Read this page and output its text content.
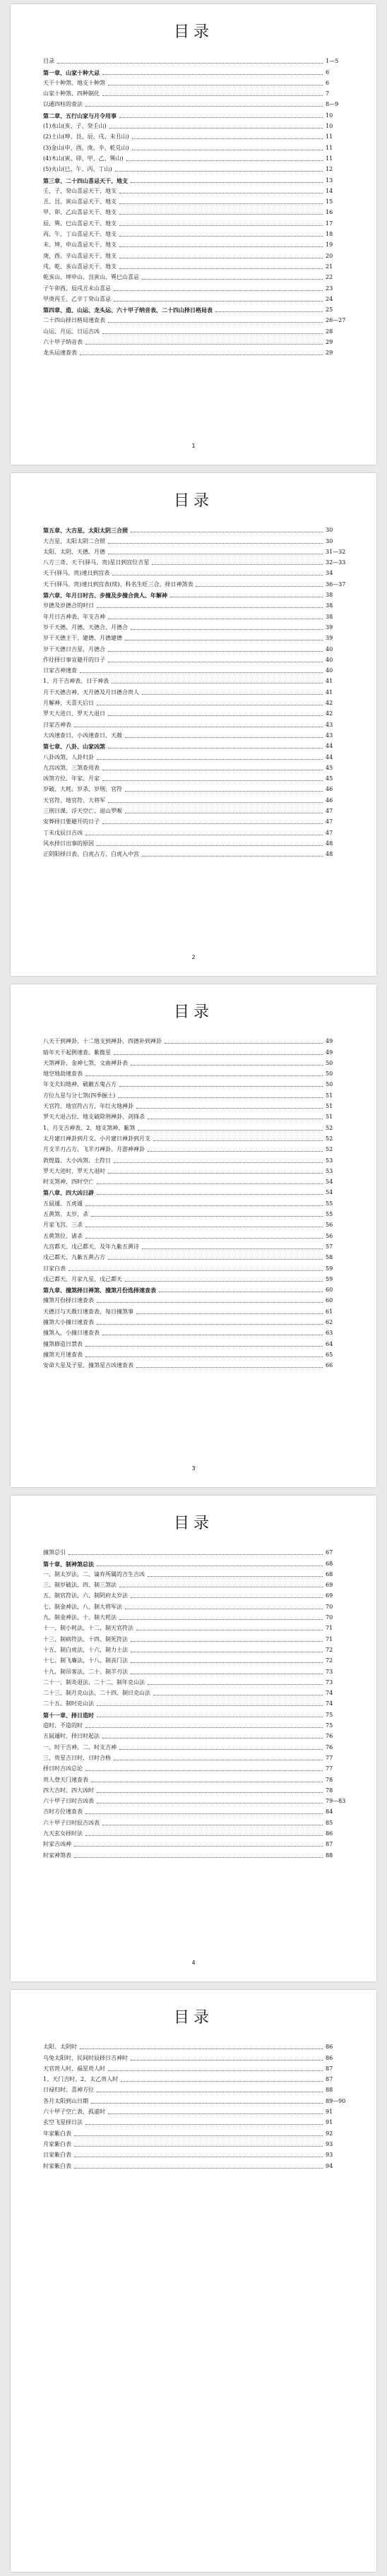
目录
目录	1—5
第一章、山家十种大忌	6
天干十种煞、地支十种煞	6
山家十种煞、四种制化	7
以通四柱的查法	8—9
第二章、五行山家与月令用事	10
(1)水山(亥、子、癸壬山)	10
(2)土山(坤、艮、辰、戌、未丑山)	11
(3)金山(申、酉、庚、辛、乾兑山)	11
(4)木山(寅、卯、甲、乙、巽山)	11
(5)火山(巳、午、丙、丁山)	12
第三章、二十四山喜忌天干、地支	13
壬、子、癸山喜忌天干、地支	14
丑、艮、寅山喜忌天干、地支	15
甲、卯、乙山喜忌天干、地支	16
辰、巽、巳山喜忌天干、地支	17
丙、午、丁山喜忌天干、地支	18
未、坤、申山喜忌天干、地支	19
庚、酉、辛山喜忌天干、地支	20
戌、乾、亥山喜忌天干、地支	21
乾亥山、坤申山、艮寅山、巽巳山喜忌	22
子午卯酉、辰戌丑未山喜忌	23
甲庚丙壬、乙辛丁癸山喜忌	24
第四章、造、山运、龙头运、六十甲子纳音表、二十四山择日格局表	25
二十四山择日格局速查表	26—27
山运、月运、日运吉凶	28
六十甲子纳音表	29
龙头运速查表	29
1
目录
第五章、大吉星、太阳太阴三合照	30
大吉星、太阳太阴二合照	30
太阳、太阴、天德、月德	31—32
八方三奇、天干(驿马、贵)星日到宫位吉星	32—33
天干(驿马、贵)速日到宫表	34
天干(驿马、贵)速日到宫表(续)、科名生旺三合、择日神煞表	36—37
第六章、年月日时吉、步撞及步撞合贵人、年解神	38
岁德及岁德合的时日	38
年月日吉神表、年支吉神	38
岁干天德、月德、天德合、月德合	39
岁干天德主干、建德、月德建德	39
岁干天德日吉星、月德合	40
作灶择日事宜避开的日子	40
日家吉神速查	40
1、月干吉神表、日干神表	41
月干天德吉神、天月德及月日德合贵人	41
月解神、天喜天后日	42
罗天大进日、罗天大退日	42
日家吉神表	43
大凶速查日、小凶速查日、天赦	43
第七章、八卦、山家凶煞	44
八卦凶煞、人卦归卦	44
九宫凶煞、三煞查用表	45
凶煞方位、年家、月家	45
岁破、大耗、岁杀、岁刑、官符	46
天官符、地官符、大将军	46
三刑日课、浮天空亡、退山罗喉	47
安葬择日要避开的日子	47
丁未戊辰日吉凶	47
风水择日出事的原因	48
正阴阳择日表、白虎占方、白虎入中宫	48
2
目录
八天干到禅卦、十二地支到禅卦、四德补到禅卦	49
暗年天干起例速查、紫微星	49
天煞禅卦、金神七煞、文曲禅卦表	50
地空地劫速查表	50
年支夫妇地神、破蔽五鬼占方	50
方位九星与分七煞(四季掘土)	51
天官符、地官符占方、年红火地禅卦	51
罗天大退占位、地支破除刑禅卦、剑锋杀	51
1、月支吉神表、2、地支煞神、紫煞	52
太月建日禅卦到月支、小月建日禅卦到月支	52
月支羊刃占方、飞羊刃禅卦、月游神禅卦	52
敦煌篇、大小凶煞、土符日	53
罗天大进时、罗天大退时	53
时支煞神、四时空亡	54
第八章、四大凶日辟	54
五鼠遁、五虎遁	55
五黄煞、太岁、杀	55
月家飞宫、三杀	56
五黄煞位、诸杀	56
九宫都天、戊己都天、及年九紫五黄诗	57
戊己都天、九紫五黄占方	58
日家白表	59
戊己都天、月家九星、戊己都天	59
第九章、撞煞择日禅煞、撞煞月份选择速查表	60
撞煞月份择日速查表	60
天德日与天赦日速查表、每日撞煞事	61
撞煞大小撞日速查表	62
撞煞入、小撞日速查表	63
撞煞修造日禁表	64
撞煞天月速查表	65
安命大星及子星、撞煞星吉凶速查表	66
3
目录
撞煞总引	67
第十章、制神煞总法	68
一、制太岁法、二、谪弃所属的吉生吉凶	68
三、制岁破法、四、制三煞法	69
五、制官符法、六、制阴府太岁法	69
七、制金神法、八、制大将军法	70
九、制金神法、十、制大耗法	70
十一、制小耗法、十二、制天官符法	71
十三、制病符法、十四、制死符法	71
十五、制白虎法、十六、制力士法	72
十七、制飞廉法、十八、制丧门法	72
十九、制吊客法、二十、制羊刃法	73
二十一、制灸退法、二十二、制年克山法	73
二十三、制月克山法、二十四、制日克山法	74
二十五、制时克山法	74
第十一章、择日造时	75
造时、不造的时	75
五鼠遁时、择日时起法	76
一、时干吉神、二、时支吉神	76
三、贵星吉日时、日时合格	77
择日时吉凶总论	77
贵人登天门速查表	78
四大吉时、四大凶时	78
六十甲子日时吉凶表	79—83
吉时方位速查表	84
六十甲子日时辰吉凶表	85
九天玄女择时法	86
时家吉凶神	87
时家神煞表	88
4
目录
太阳、太阴时	86
乌兔太阳时、民间时辰择日吉神时	86
天官贵人时、福星贵人时	87
1、天门吉时、2、太乙贵人时	87
日禄归时、喜神方位	88
各月太阳到山日期	89—90
六十甲子空亡表、孤虚时	91
玄空飞星择日法	91
年家紫白表	92
月家紫白表	93
日家紫白表	93
时家紫白表	94
